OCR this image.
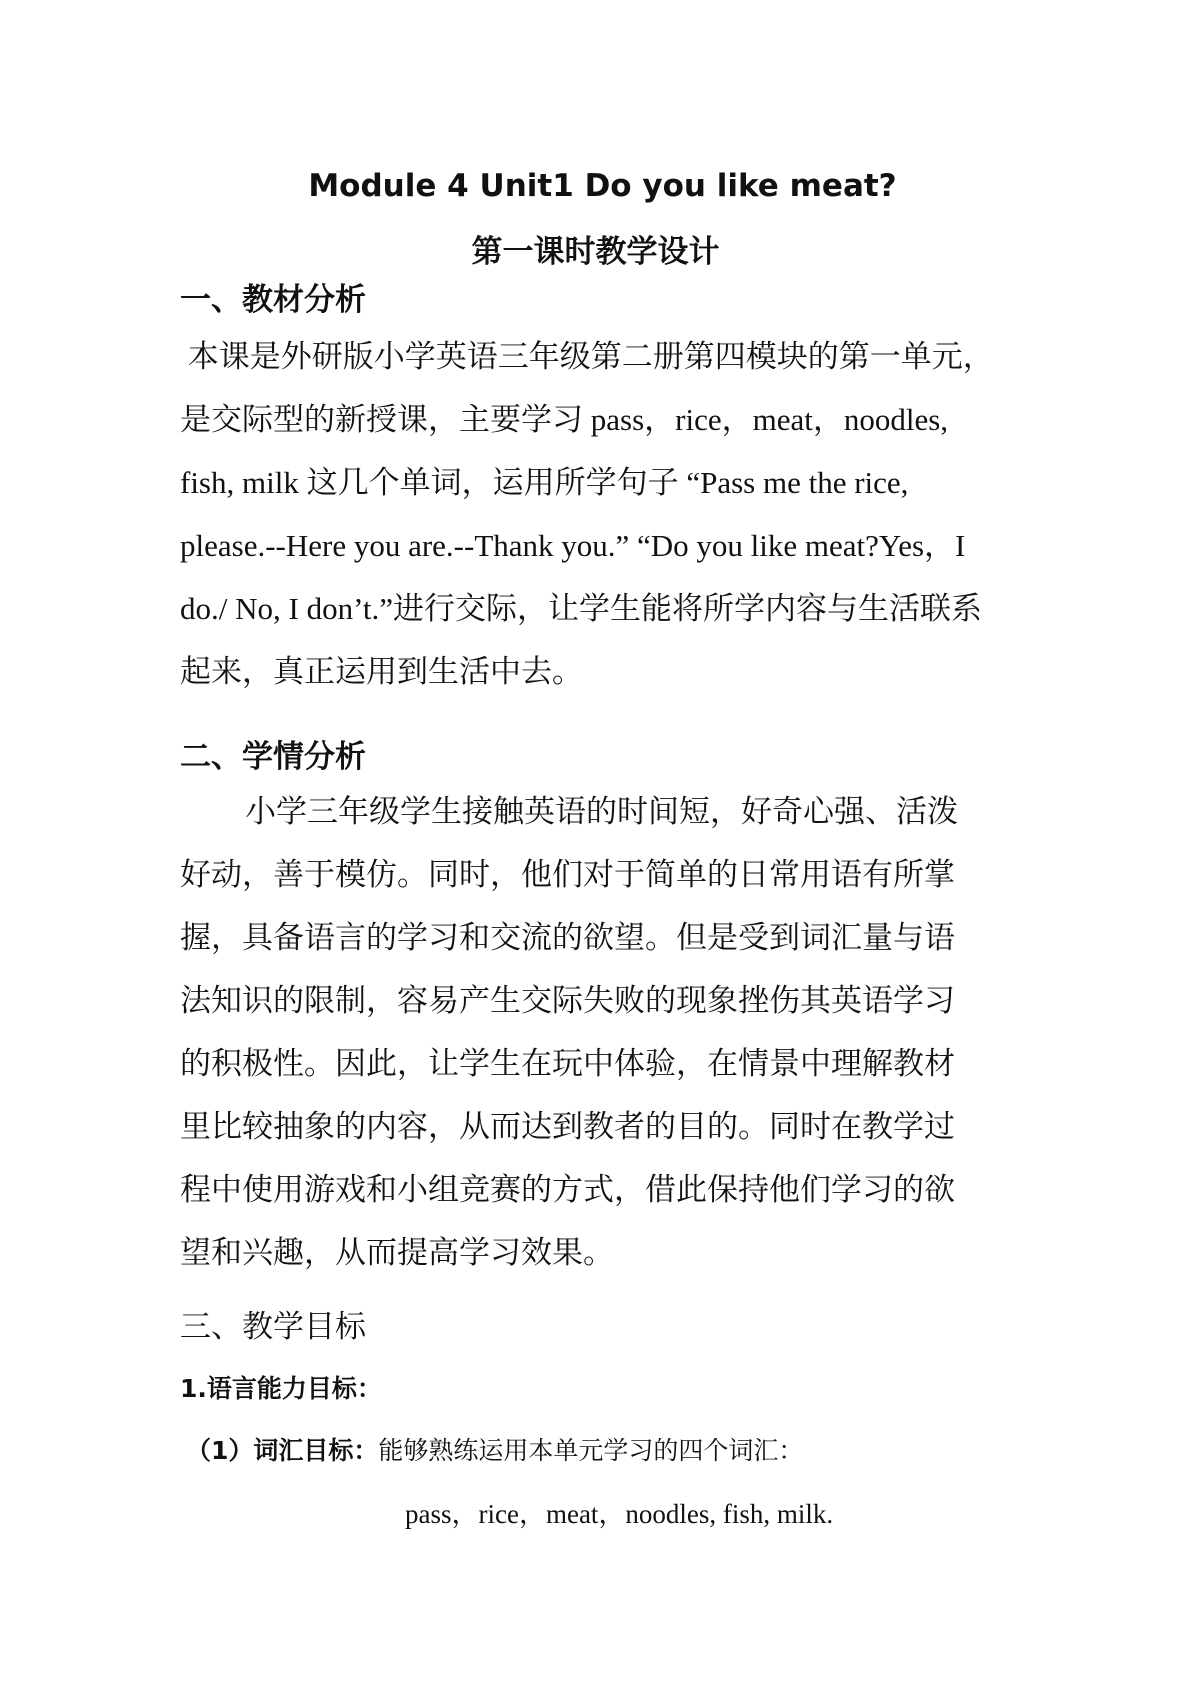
Module 4 Unit1 Do you like meat?
第一课时教学设计
一、教材分析
本课是外研版小学英语三年级第二册第四模块的第一单元，
是交际型的新授课，主要学习 pass，rice，meat，noodles,
fish, milk 这几个单词，运用所学句子 “Pass me the rice,
please.--Here you are.--Thank you.” “Do you like meat?Yes，I
do./ No, I don’t.”进行交际，让学生能将所学内容与生活联系
起来，真正运用到生活中去。
二、学情分析
小学三年级学生接触英语的时间短，好奇心强、活泼
好动，善于模仿。同时，他们对于简单的日常用语有所掌
握，具备语言的学习和交流的欲望。但是受到词汇量与语
法知识的限制，容易产生交际失败的现象挫伤其英语学习
的积极性。因此，让学生在玩中体验，在情景中理解教材
里比较抽象的内容，从而达到教者的目的。同时在教学过
程中使用游戏和小组竞赛的方式，借此保持他们学习的欲
望和兴趣，从而提高学习效果。
三、教学目标
1.语言能力目标：
（1）词汇目标：能够熟练运用本单元学习的四个词汇：
pass，rice，meat，noodles, fish, milk.
